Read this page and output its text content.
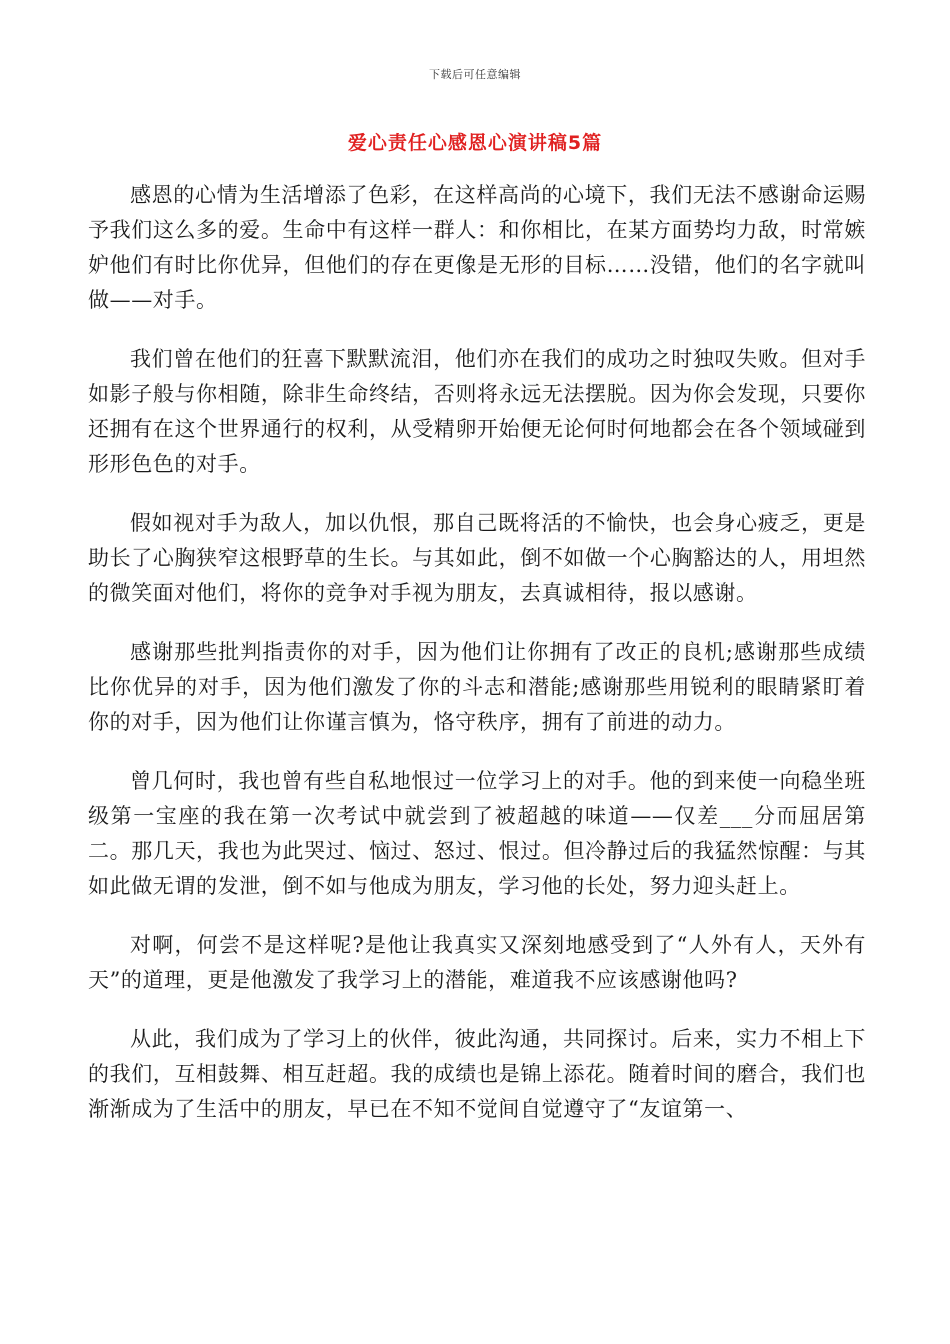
下载后可任意编辑
爱心责任心感恩心演讲稿5篇

感恩的心情为生活增添了色彩，在这样高尚的心境下，我们无法不感谢命运赐予我们这么多的爱。生命中有这样一群人：和你相比，在某方面势均力敌，时常嫉妒他们有时比你优异，但他们的存在更像是无形的目标……没错，他们的名字就叫做——对手。

我们曾在他们的狂喜下默默流泪，他们亦在我们的成功之时独叹失败。但对手如影子般与你相随，除非生命终结，否则将永远无法摆脱。因为你会发现，只要你还拥有在这个世界通行的权利，从受精卵开始便无论何时何地都会在各个领域碰到形形色色的对手。

假如视对手为敌人，加以仇恨，那自己既将活的不愉快，也会身心疲乏，更是助长了心胸狭窄这根野草的生长。与其如此，倒不如做一个心胸豁达的人，用坦然的微笑面对他们，将你的竞争对手视为朋友，去真诚相待，报以感谢。

感谢那些批判指责你的对手，因为他们让你拥有了改正的良机;感谢那些成绩比你优异的对手，因为他们激发了你的斗志和潜能;感谢那些用锐利的眼睛紧盯着你的对手，因为他们让你谨言慎为，恪守秩序，拥有了前进的动力。

曾几何时，我也曾有些自私地恨过一位学习上的对手。他的到来使一向稳坐班级第一宝座的我在第一次考试中就尝到了被超越的味道——仅差___分而屈居第二。那几天，我也为此哭过、恼过、怒过、恨过。但冷静过后的我猛然惊醒：与其如此做无谓的发泄，倒不如与他成为朋友，学习他的长处，努力迎头赶上。

对啊，何尝不是这样呢?是他让我真实又深刻地感受到了“人外有人，天外有天”的道理，更是他激发了我学习上的潜能，难道我不应该感谢他吗?

从此，我们成为了学习上的伙伴，彼此沟通，共同探讨。后来，实力不相上下的我们，互相鼓舞、相互赶超。我的成绩也是锦上添花。随着时间的磨合，我们也渐渐成为了生活中的朋友，早已在不知不觉间自觉遵守了“友谊第一、
